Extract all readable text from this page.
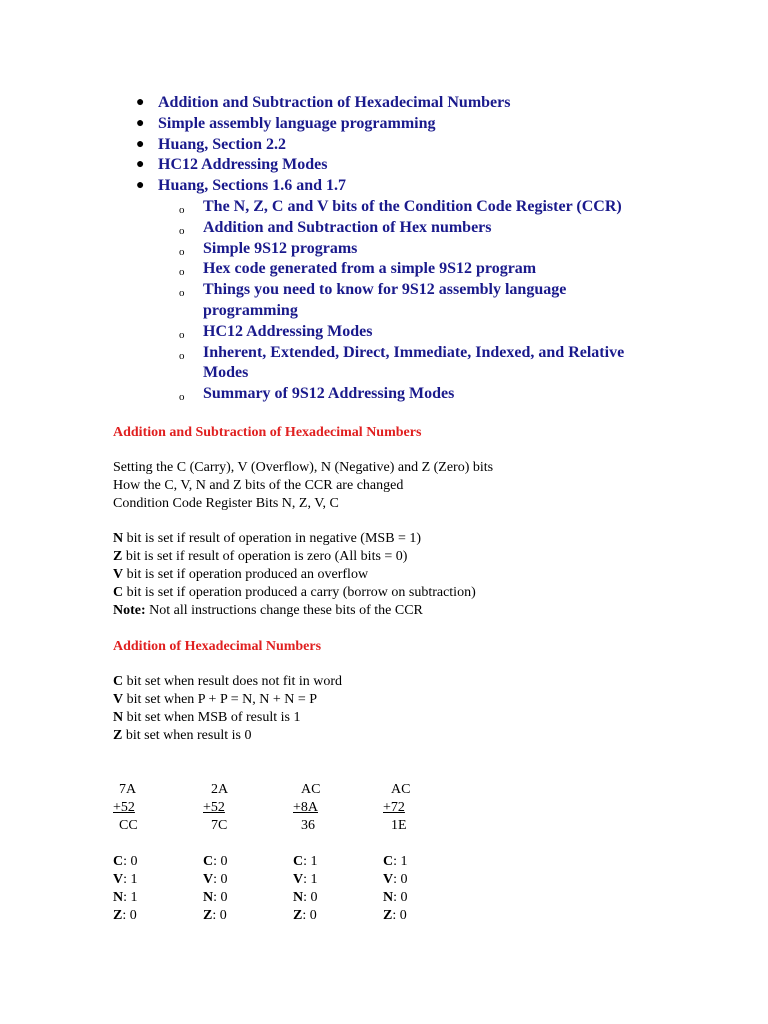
● Addition and Subtraction of Hexadecimal Numbers
● Simple assembly language programming
● Huang, Section 2.2
● HC12 Addressing Modes
● Huang, Sections 1.6 and 1.7
o The N, Z, C and V bits of the Condition Code Register (CCR)
o Addition and Subtraction of Hex numbers
o Simple 9S12 programs
o Hex code generated from a simple 9S12 program
o Things you need to know for 9S12 assembly language programming
o HC12 Addressing Modes
o Inherent, Extended, Direct, Immediate, Indexed, and Relative Modes
o Summary of 9S12 Addressing Modes
Addition and Subtraction of Hexadecimal Numbers
Setting the C (Carry), V (Overflow), N (Negative) and Z (Zero) bits
How the C, V, N and Z bits of the CCR are changed
Condition Code Register Bits N, Z, V, C
N bit is set if result of operation in negative (MSB = 1)
Z bit is set if result of operation is zero (All bits = 0)
V bit is set if operation produced an overflow
C bit is set if operation produced a carry (borrow on subtraction)
Note: Not all instructions change these bits of the CCR
Addition of Hexadecimal Numbers
C bit set when result does not fit in word
V bit set when P + P = N, N + N = P
N bit set when MSB of result is 1
Z bit set when result is 0
7A
+52
CC
C: 0
V: 1
N: 1
Z: 0
2A
+52
7C
C: 0
V: 0
N: 0
Z: 0
AC
+8A
36
C: 1
V: 1
N: 0
Z: 0
AC
+72
1E
C: 1
V: 0
N: 0
Z: 0
